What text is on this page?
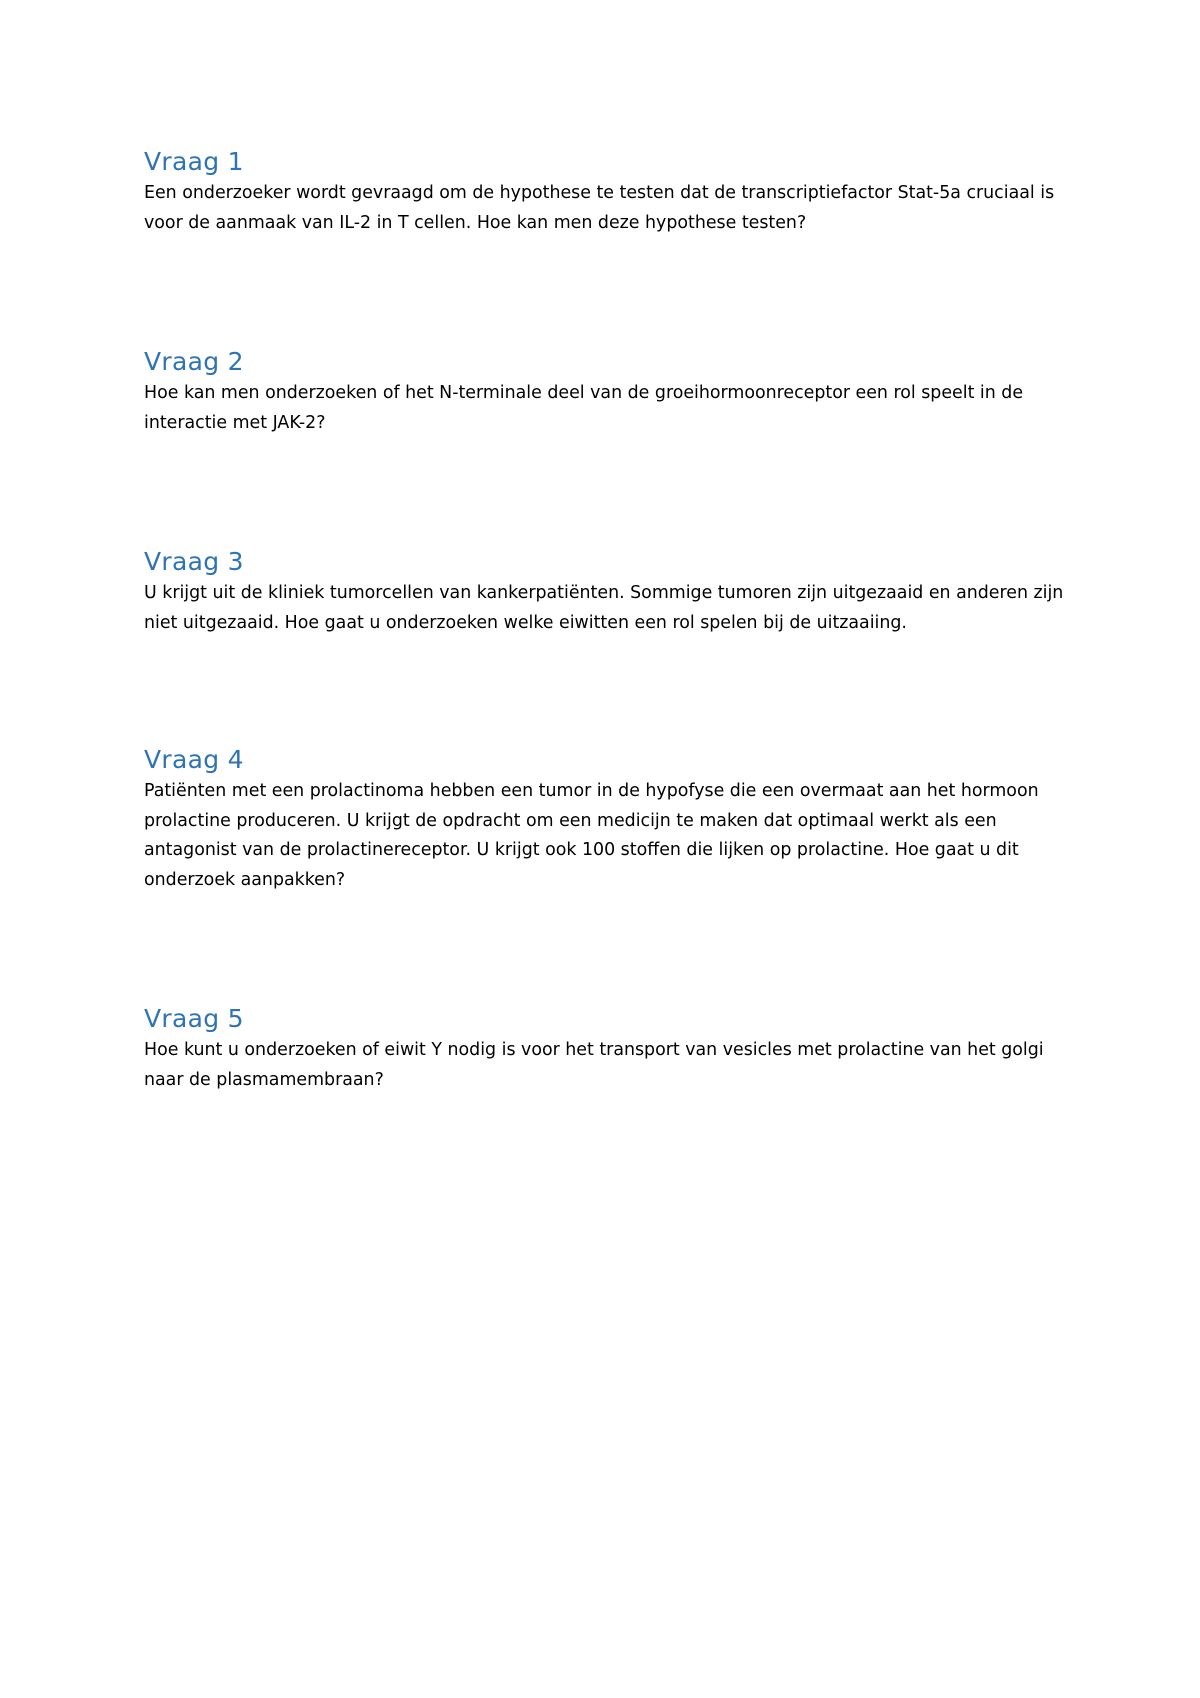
Vraag 1

Een onderzoeker wordt gevraagd om de hypothese te testen dat de transcriptiefactor Stat-5a cruciaal is voor de aanmaak van IL-2 in T cellen. Hoe kan men deze hypothese testen?

Vraag 2

Hoe kan men onderzoeken of het N-terminale deel van de groeihormoonreceptor een rol speelt in de interactie met JAK-2?

Vraag 3

U krijgt uit de kliniek tumorcellen van kankerpatiënten. Sommige tumoren zijn uitgezaaid en anderen zijn niet uitgezaaid. Hoe gaat u onderzoeken welke eiwitten een rol spelen bij de uitzaaiing.

Vraag 4

Patiënten met een prolactinoma hebben een tumor in de hypofyse die een overmaat aan het hormoon prolactine produceren. U krijgt de opdracht om een medicijn te maken dat optimaal werkt als een antagonist van de prolactinereceptor. U krijgt ook 100 stoffen die lijken op prolactine. Hoe gaat u dit onderzoek aanpakken?

Vraag 5

Hoe kunt u onderzoeken of eiwit Y nodig is voor het transport van vesicles met prolactine van het golgi naar de plasmamembraan?
